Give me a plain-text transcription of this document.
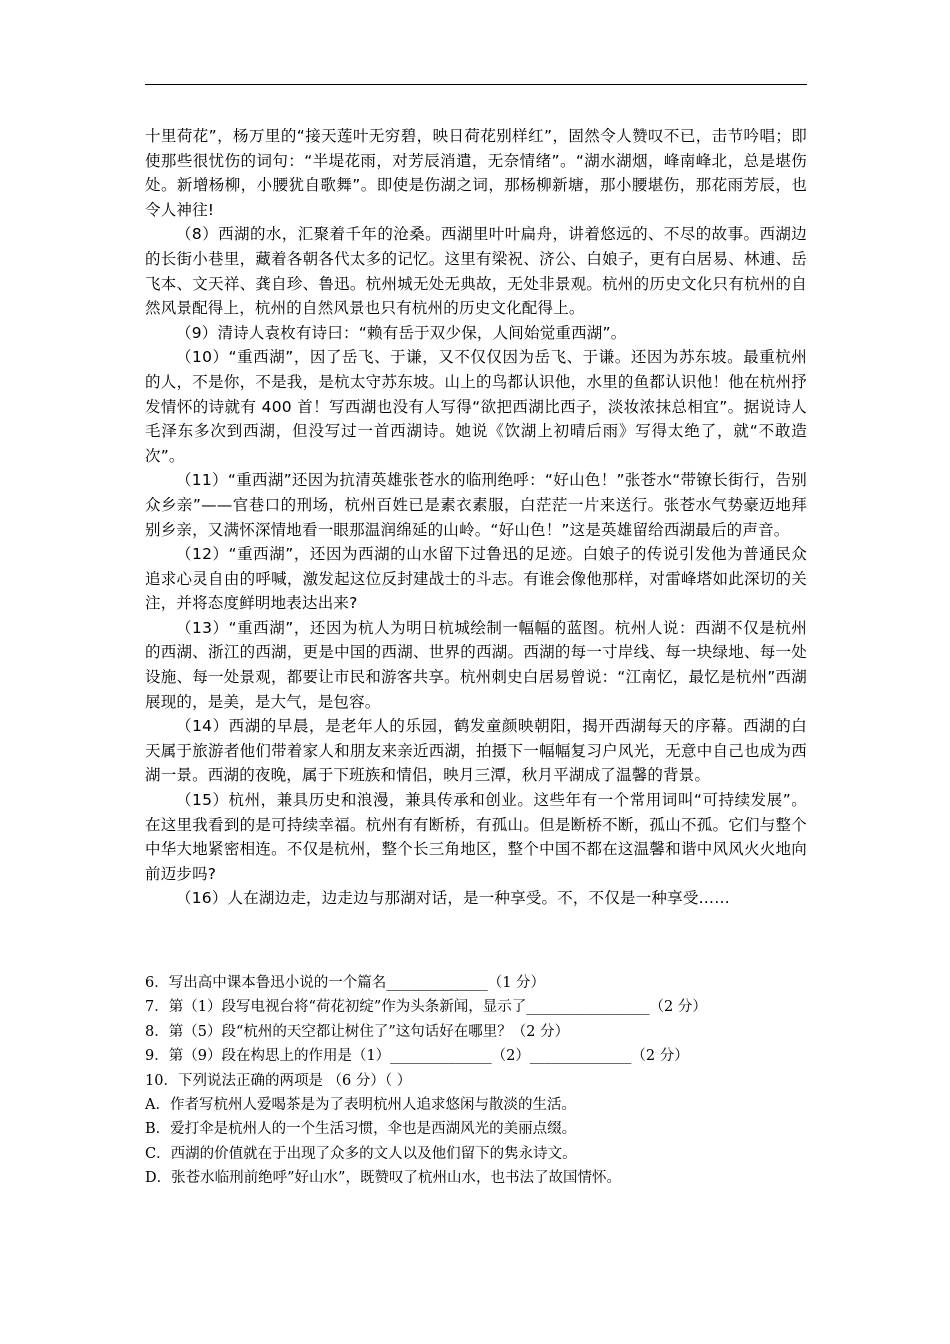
十里荷花”，杨万里的“接天莲叶无穷碧，映日荷花别样红”，固然令人赞叹不已，击节吟唱；即使那些很忧伤的词句：“半堤花雨，对芳辰消遣，无奈情绪”。“湖水湖烟，峰南峰北，总是堪伤处。新增杨柳，小腰犹自歌舞”。即使是伤湖之词，那杨柳新塘，那小腰堪伤，那花雨芳辰，也令人神往!

（8）西湖的水，汇聚着千年的沧桑。西湖里叶叶扁舟，讲着悠远的、不尽的故事。西湖边的长街小巷里，藏着各朝各代太多的记忆。这里有梁祝、济公、白娘子，更有白居易、林逋、岳飞本、文天祥、龚自珍、鲁迅。杭州城无处无典故，无处非景观。杭州的历史文化只有杭州的自然风景配得上，杭州的自然风景也只有杭州的历史文化配得上。

（9）清诗人袁枚有诗曰：“赖有岳于双少保，人间始觉重西湖”。

（10）“重西湖”，因了岳飞、于谦，又不仅仅因为岳飞、于谦。还因为苏东坡。最重杭州的人，不是你，不是我，是杭太守苏东坡。山上的鸟都认识他，水里的鱼都认识他！他在杭州抒发情怀的诗就有 400 首！写西湖也没有人写得“欲把西湖比西子，淡妆浓抹总相宜”。据说诗人毛泽东多次到西湖，但没写过一首西湖诗。她说《饮湖上初晴后雨》写得太绝了，就“不敢造次”。

（11）“重西湖”还因为抗清英雄张苍水的临刑绝呼：“好山色！”张苍水“带镣长街行，告别众乡亲”——官巷口的刑场，杭州百姓已是素衣素服，白茫茫一片来送行。张苍水气势豪迈地拜别乡亲，又满怀深情地看一眼那温润绵延的山岭。“好山色！”这是英雄留给西湖最后的声音。

（12）“重西湖”，还因为西湖的山水留下过鲁迅的足迹。白娘子的传说引发他为普通民众追求心灵自由的呼喊，激发起这位反封建战士的斗志。有谁会像他那样，对雷峰塔如此深切的关注，并将态度鲜明地表达出来?

（13）“重西湖”，还因为杭人为明日杭城绘制一幅幅的蓝图。杭州人说：西湖不仅是杭州的西湖、浙江的西湖，更是中国的西湖、世界的西湖。西湖的每一寸岸线、每一块绿地、每一处设施、每一处景观，都要让市民和游客共享。杭州刺史白居易曾说：“江南忆，最忆是杭州”西湖展现的，是美，是大气，是包容。

（14）西湖的早晨，是老年人的乐园，鹤发童颜映朝阳，揭开西湖每天的序幕。西湖的白天属于旅游者他们带着家人和朋友来亲近西湖，拍摄下一幅幅复习户风光，无意中自己也成为西湖一景。西湖的夜晚，属于下班族和情侣，映月三潭，秋月平湖成了温馨的背景。

（15）杭州，兼具历史和浪漫，兼具传承和创业。这些年有一个常用词叫“可持续发展”。在这里我看到的是可持续幸福。杭州有有断桥，有孤山。但是断桥不断，孤山不孤。它们与整个中华大地紧密相连。不仅是杭州，整个长三角地区，整个中国不都在这温馨和谐中风风火火地向前迈步吗?

（16）人在湖边走，边走边与那湖对话，是一种享受。不，不仅是一种享受……

6．写出高中课本鲁迅小说的一个篇名______________（1 分）
7．第（1）段写电视台将“荷花初绽”作为头条新闻，显示了_________________（2 分）
8．第（5）段“杭州的天空都让树住了”这句话好在哪里？（2 分）
9．第（9）段在构思上的作用是（1）______________（2）______________（2 分）
10．下列说法正确的两项是 （6 分）（ ）
A．作者写杭州人爱喝茶是为了表明杭州人追求悠闲与散淡的生活。
B．爱打伞是杭州人的一个生活习惯，伞也是西湖风光的美丽点缀。
C．西湖的价值就在于出现了众多的文人以及他们留下的隽永诗文。
D．张苍水临刑前绝呼”好山水”，既赞叹了杭州山水，也书法了故国情怀。
